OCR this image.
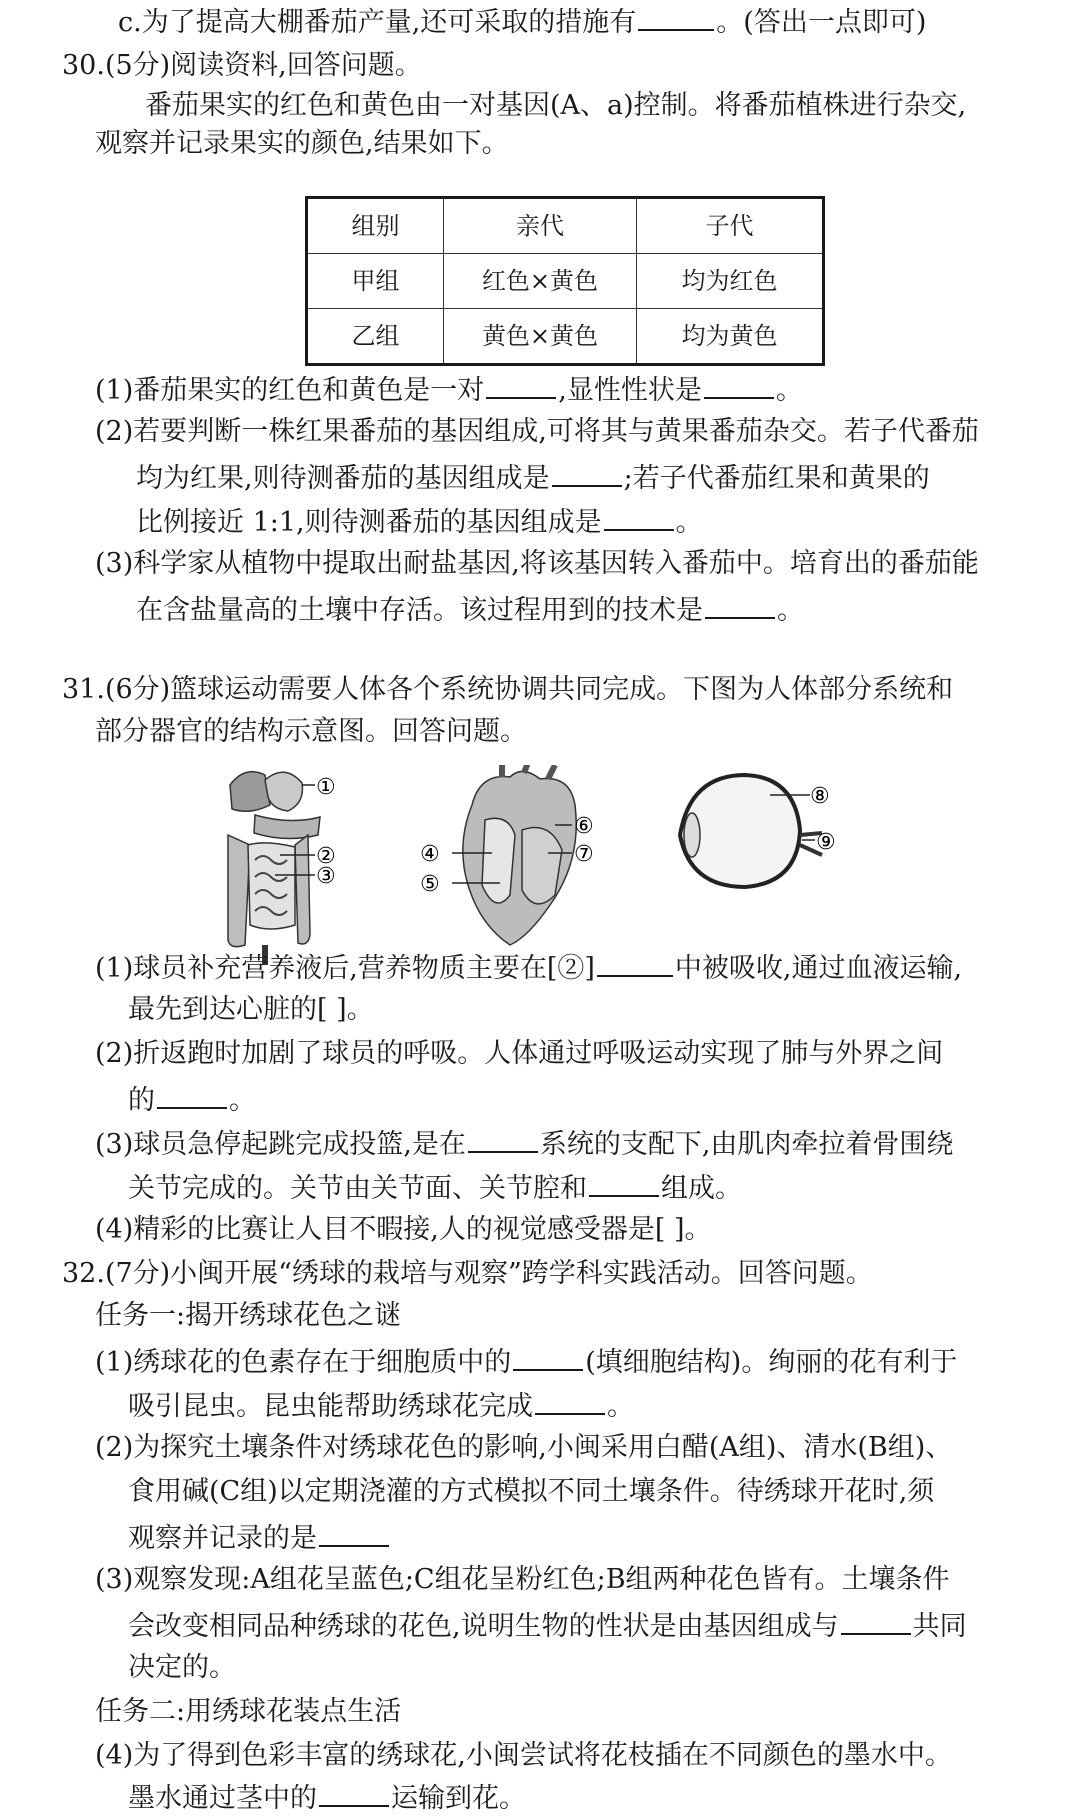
c.为了提高大棚番茄产量,还可采取的措施有	。(答出一点即可)
30.(5分)阅读资料,回答问题。
番茄果实的红色和黄色由一对基因(A、a)控制。将番茄植株进行杂交,
观察并记录果实的颜色,结果如下。
组别	亲代	子代
甲组	红色×黄色	均为红色
乙组	黄色×黄色	均为黄色
(1)番茄果实的红色和黄色是一对	,显性性状是	。
(2)若要判断一株红果番茄的基因组成,可将其与黄果番茄杂交。若子代番茄
均为红果,则待测番茄的基因组成是	;若子代番茄红果和黄果的
比例接近 1:1,则待测番茄的基因组成是	。
(3)科学家从植物中提取出耐盐基因,将该基因转入番茄中。培育出的番茄能
在含盐量高的土壤中存活。该过程用到的技术是	。
31.(6分)篮球运动需要人体各个系统协调共同完成。下图为人体部分系统和
部分器官的结构示意图。回答问题。
①
②
③
④
⑤
⑥
⑦
⑧
⑨
(1)球员补充营养液后,营养物质主要在[②]	中被吸收,通过血液运输,
最先到达心脏的[ ]。
(2)折返跑时加剧了球员的呼吸。人体通过呼吸运动实现了肺与外界之间
的	。
(3)球员急停起跳完成投篮,是在	系统的支配下,由肌肉牵拉着骨围绕
关节完成的。关节由关节面、关节腔和	组成。
(4)精彩的比赛让人目不暇接,人的视觉感受器是[ ]。
32.(7分)小闽开展“绣球的栽培与观察”跨学科实践活动。回答问题。
任务一:揭开绣球花色之谜
(1)绣球花的色素存在于细胞质中的	(填细胞结构)。绚丽的花有利于
吸引昆虫。昆虫能帮助绣球花完成	。
(2)为探究土壤条件对绣球花色的影响,小闽采用白醋(A组)、清水(B组)、
食用碱(C组)以定期浇灌的方式模拟不同土壤条件。待绣球开花时,须
观察并记录的是
(3)观察发现:A组花呈蓝色;C组花呈粉红色;B组两种花色皆有。土壤条件
会改变相同品种绣球的花色,说明生物的性状是由基因组成与	共同
决定的。
任务二:用绣球花装点生活
(4)为了得到色彩丰富的绣球花,小闽尝试将花枝插在不同颜色的墨水中。
墨水通过茎中的	运输到花。
